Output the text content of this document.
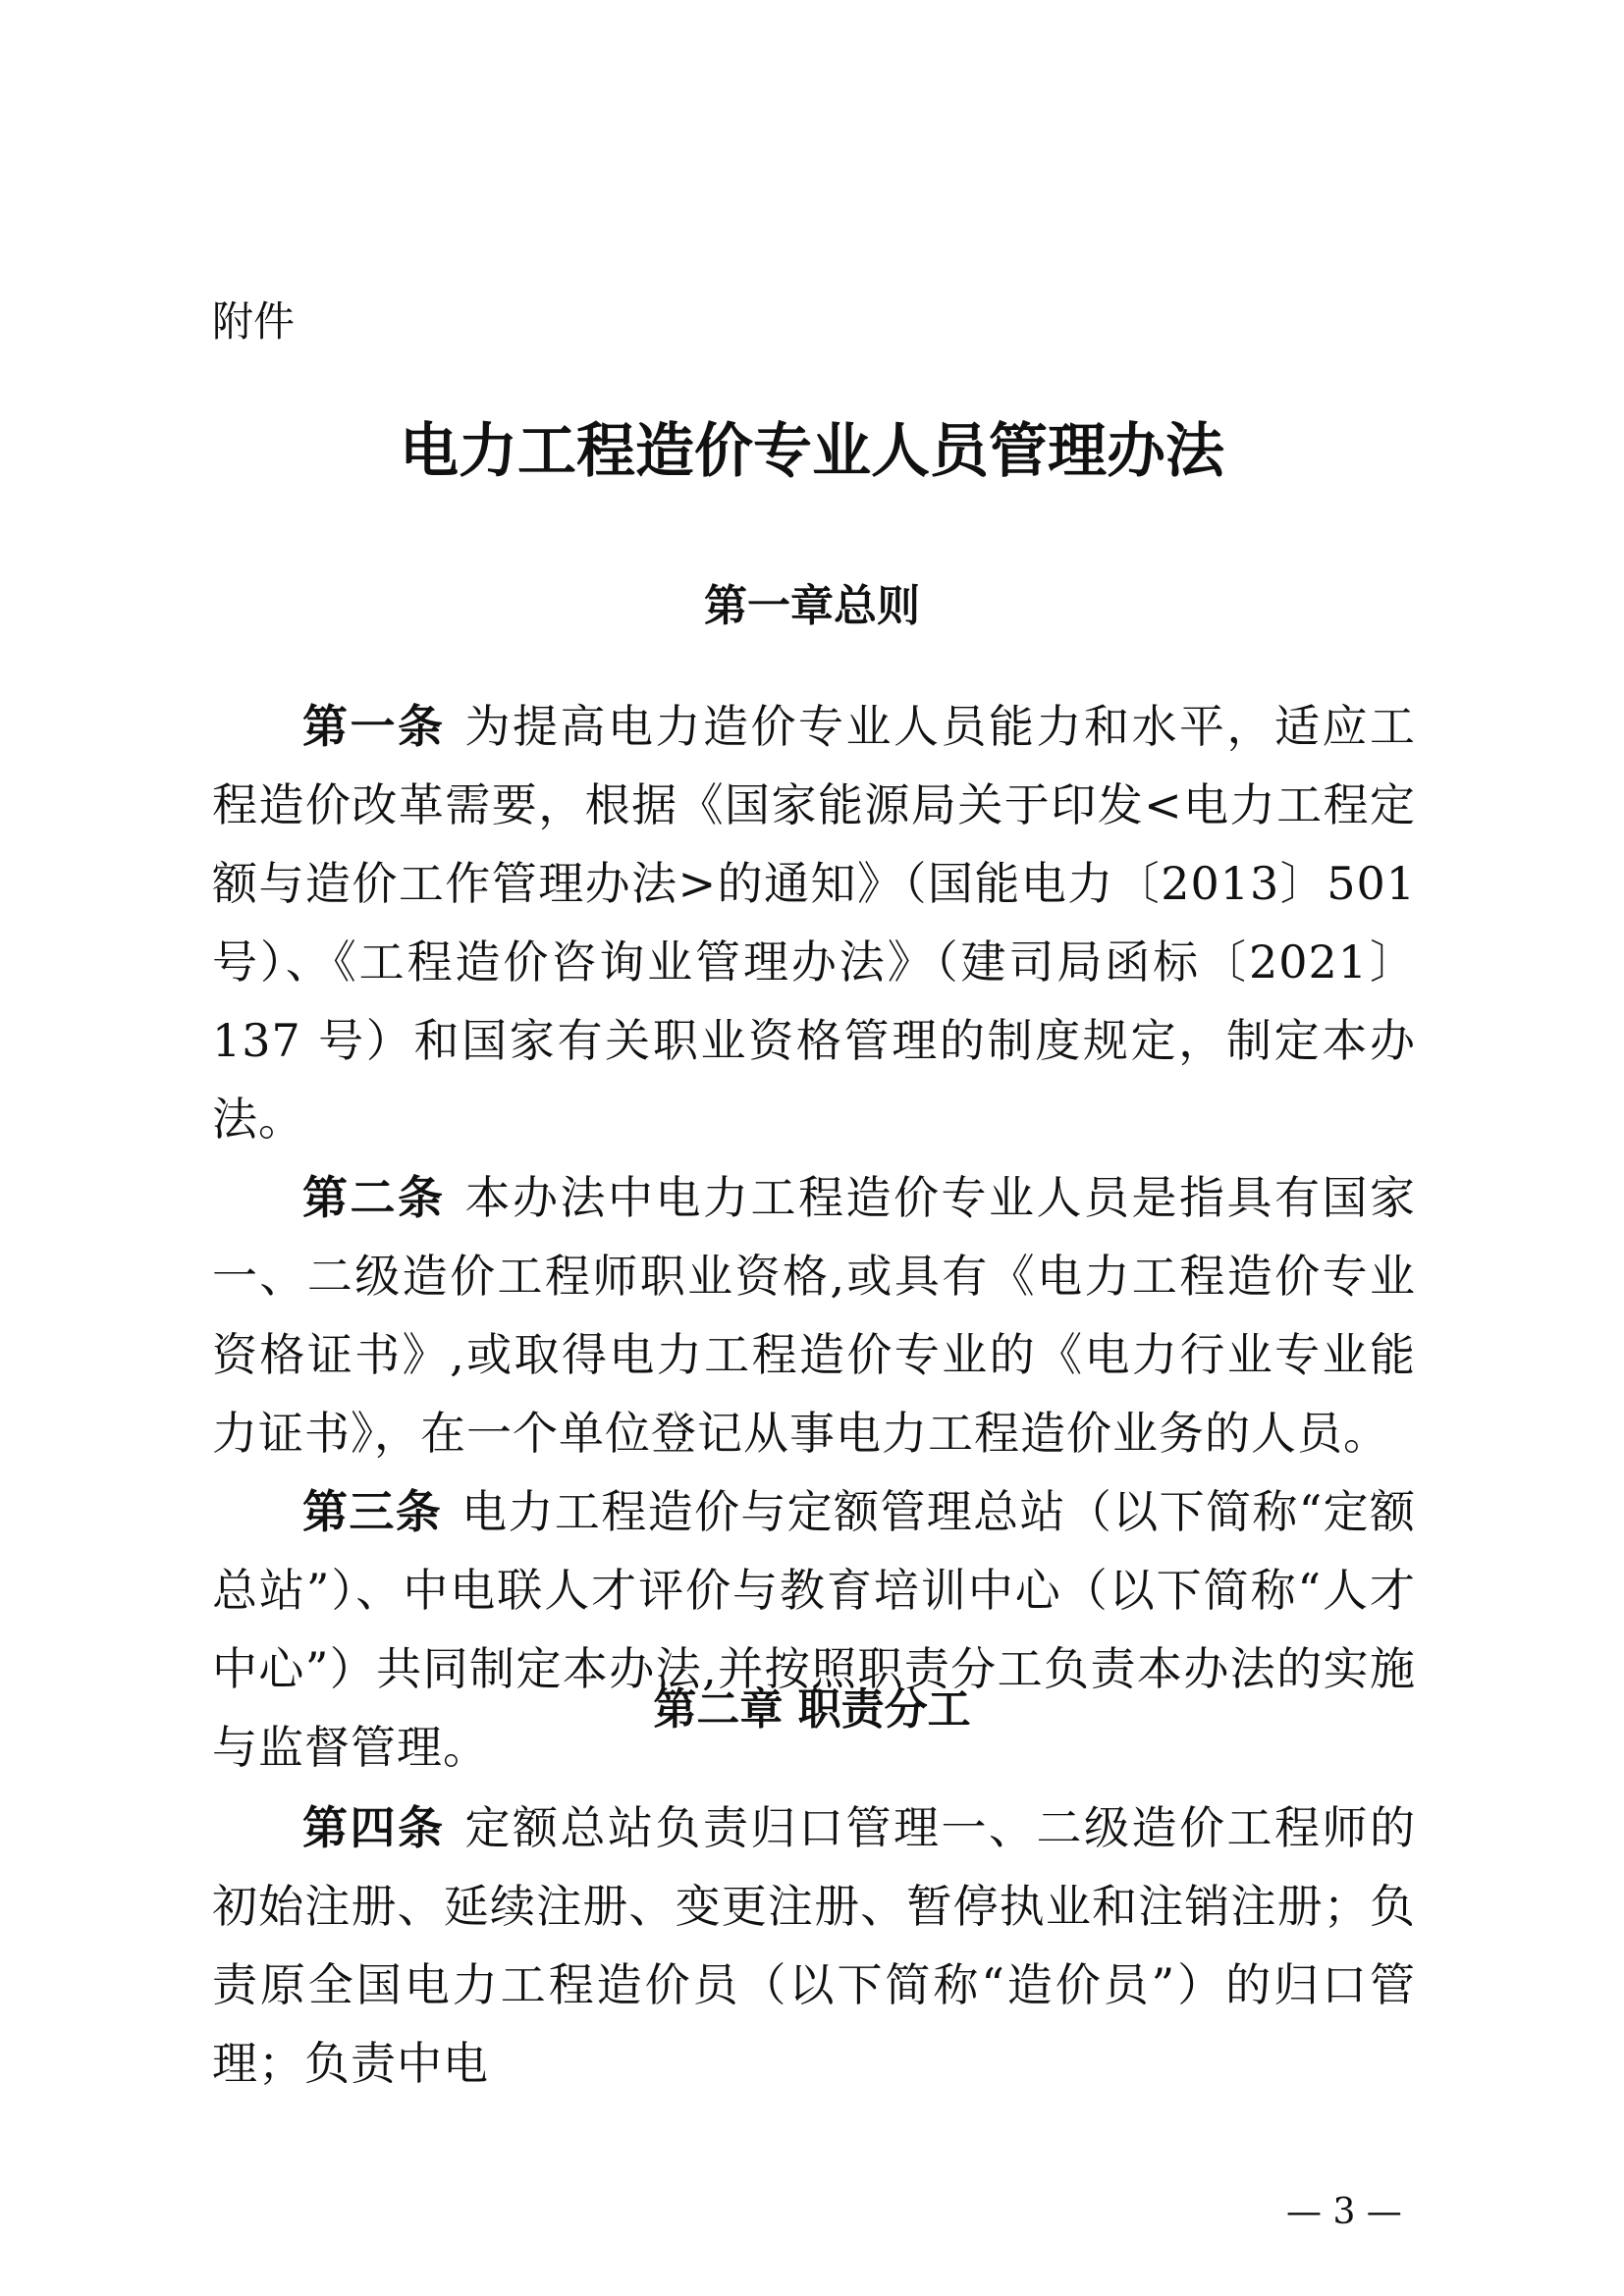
附件

电力工程造价专业人员管理办法
第一章总则

第一条 为提高电力造价专业人员能力和水平，适应工程造价改革需要，根据《国家能源局关于印发<电力工程定额与造价工作管理办法>的通知》（国能电力〔2013〕501 号）、《工程造价咨询业管理办法》（建司局函标〔2021〕137 号）和国家有关职业资格管理的制度规定，制定本办法。

第二条 本办法中电力工程造价专业人员是指具有国家一、二级造价工程师职业资格,或具有《电力工程造价专业资格证书》,或取得电力工程造价专业的《电力行业专业能力证书》，在一个单位登记从事电力工程造价业务的人员。

第三条 电力工程造价与定额管理总站（以下简称“定额总站”）、中电联人才评价与教育培训中心（以下简称“人才中心”）共同制定本办法,并按照职责分工负责本办法的实施与监督管理。

第二章 职责分工

第四条 定额总站负责归口管理一、二级造价工程师的初始注册、延续注册、变更注册、暂停执业和注销注册；负责原全国电力工程造价员（以下简称“造价员”）的归口管理；负责中电

— 3 —
